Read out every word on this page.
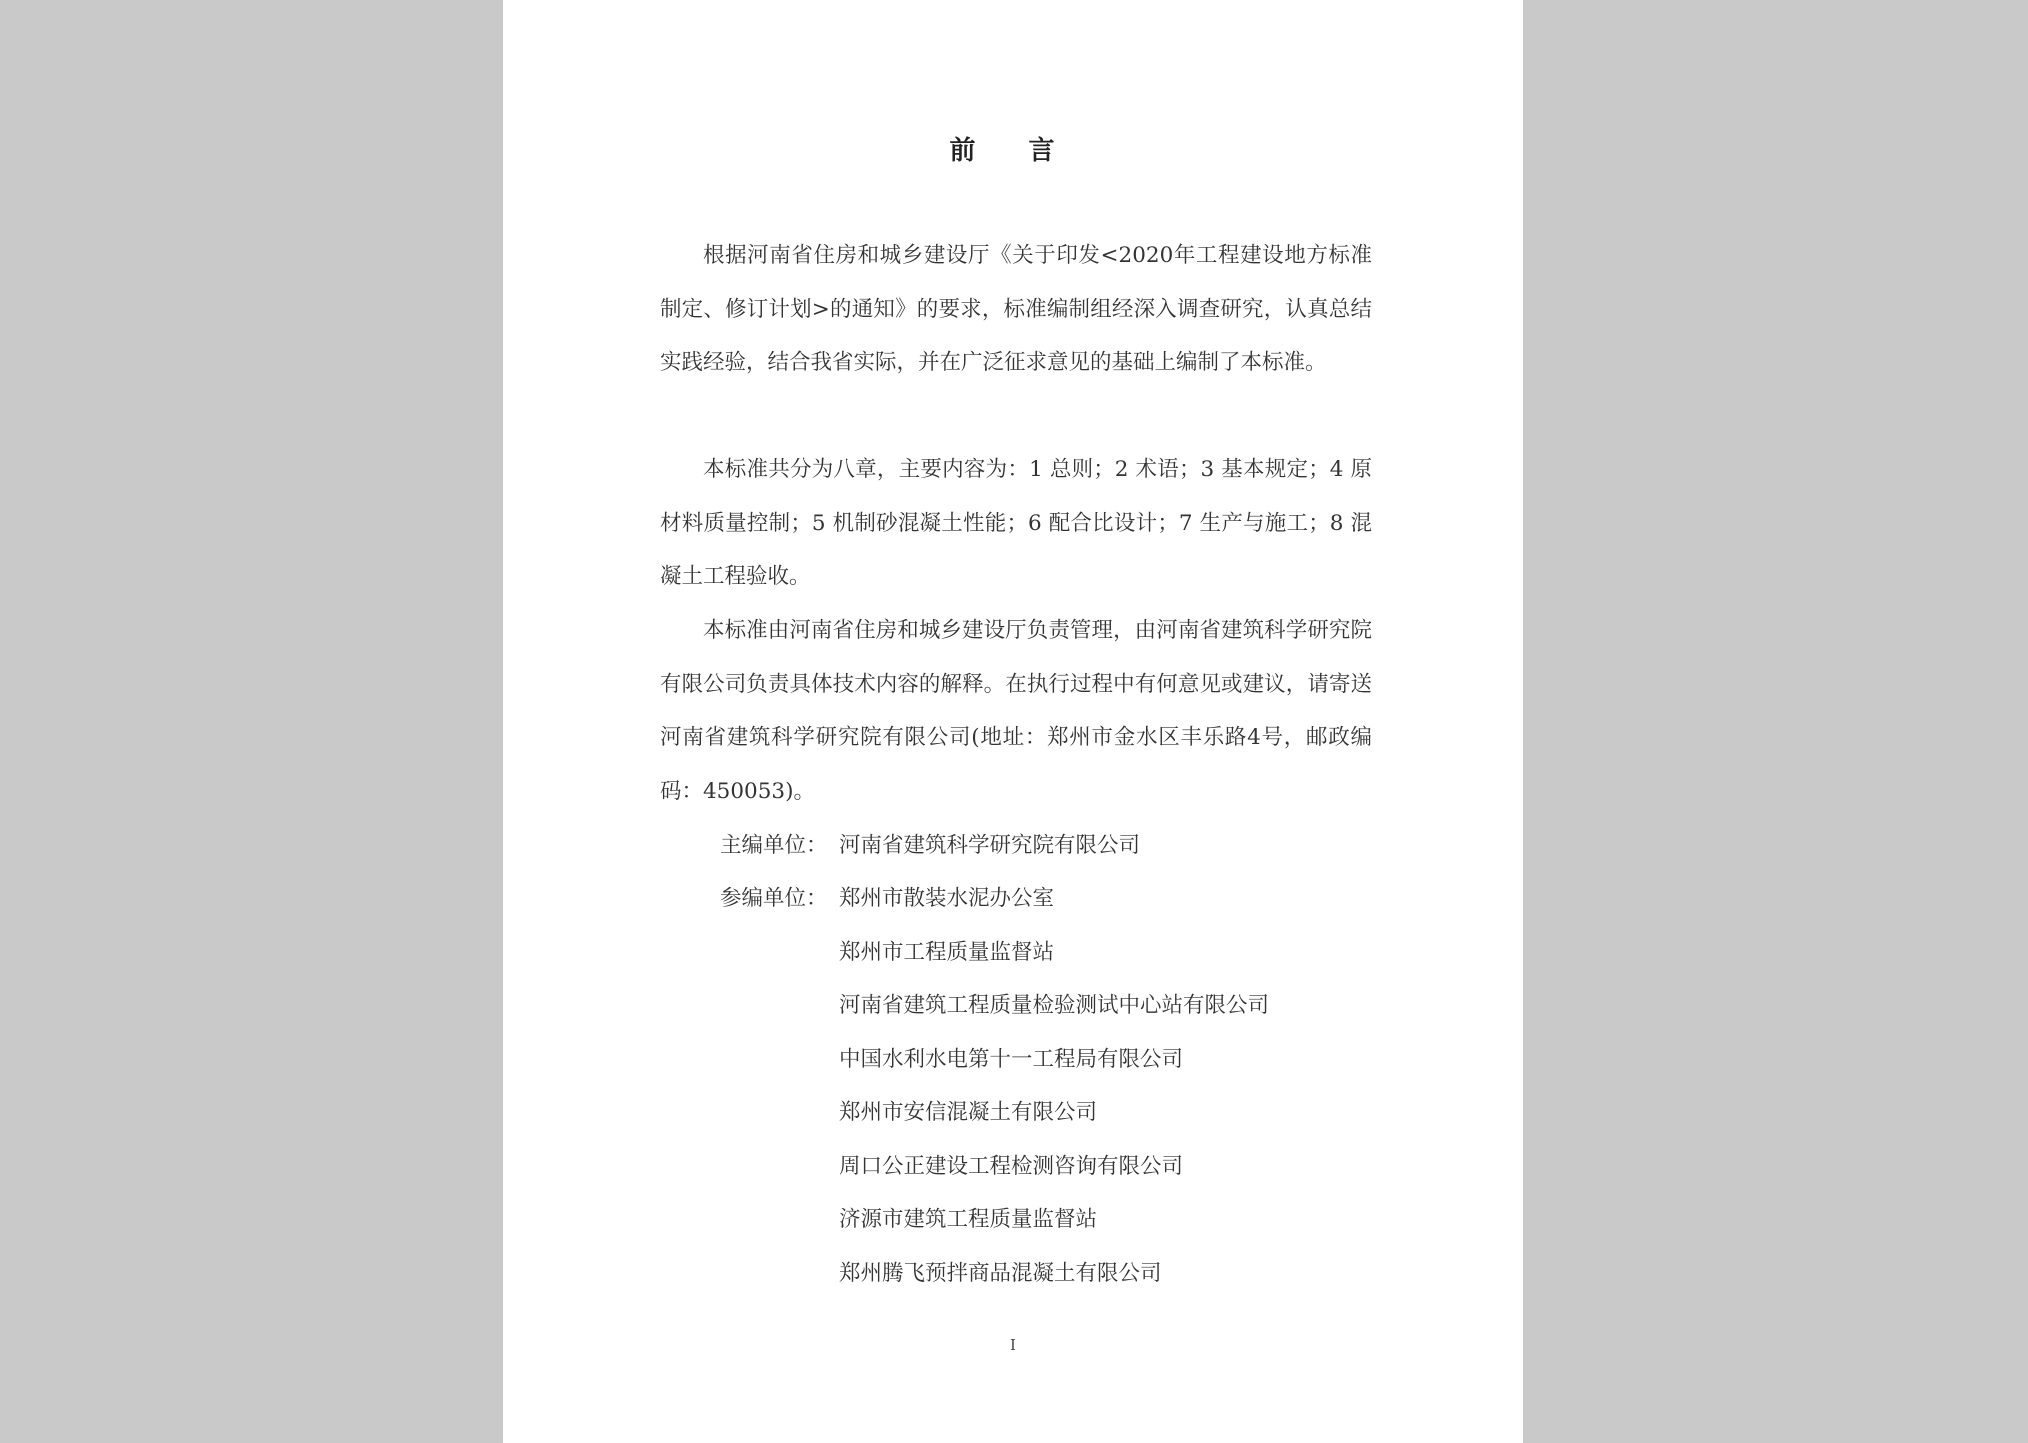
前 言

根据河南省住房和城乡建设厅《关于印发<2020年工程建设地方标准制定、修订计划>的通知》的要求，标准编制组经深入调查研究，认真总结实践经验，结合我省实际，并在广泛征求意见的基础上编制了本标准。

本标准共分为八章，主要内容为：1 总则；2 术语；3 基本规定；4 原材料质量控制；5 机制砂混凝土性能；6 配合比设计；7 生产与施工；8 混凝土工程验收。

本标准由河南省住房和城乡建设厅负责管理，由河南省建筑科学研究院有限公司负责具体技术内容的解释。在执行过程中有何意见或建议，请寄送河南省建筑科学研究院有限公司(地址：郑州市金水区丰乐路4号，邮政编码：450053)。

主编单位： 河南省建筑科学研究院有限公司
参编单位： 郑州市散装水泥办公室
郑州市工程质量监督站
河南省建筑工程质量检验测试中心站有限公司
中国水利水电第十一工程局有限公司
郑州市安信混凝土有限公司
周口公正建设工程检测咨询有限公司
济源市建筑工程质量监督站
郑州腾飞预拌商品混凝土有限公司
I
